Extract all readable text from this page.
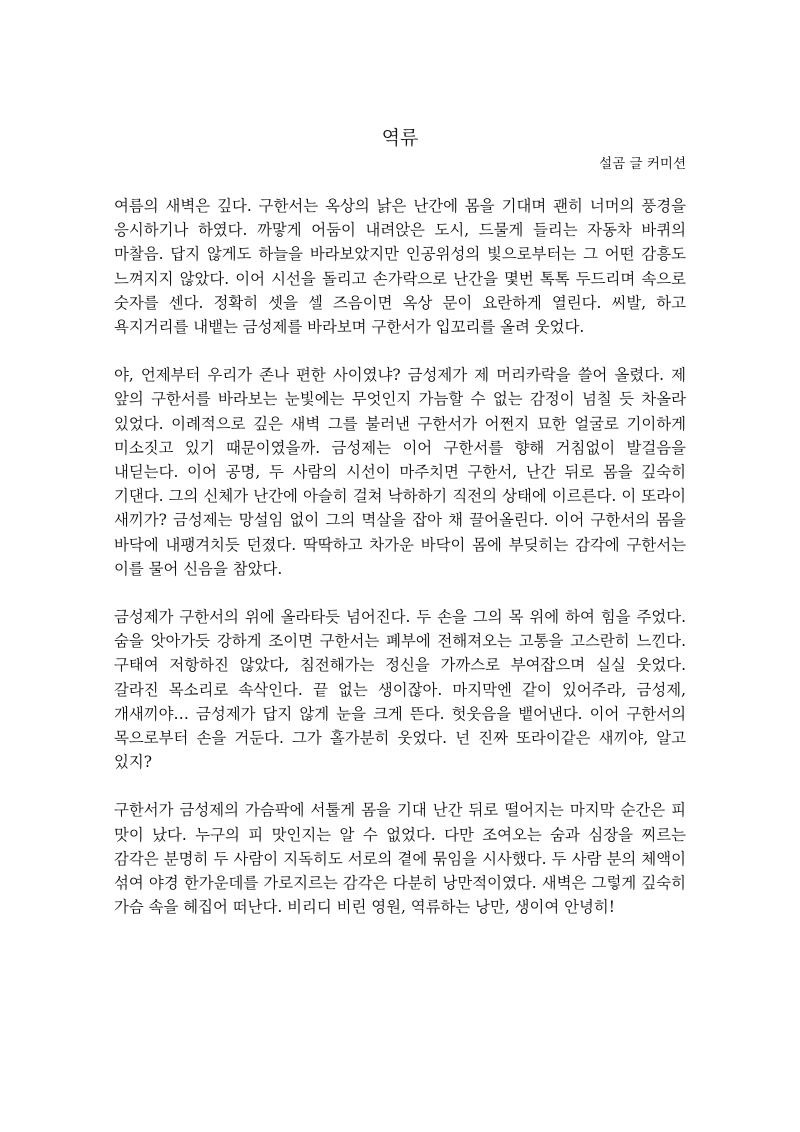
역류
설곰 글 커미션

여름의 새벽은 깊다. 구한서는 옥상의 낡은 난간에 몸을 기대며 괜히 너머의 풍경을 응시하기나 하였다. 까맣게 어둠이 내려앉은 도시, 드물게 들리는 자동차 바퀴의 마찰음. 답지 않게도 하늘을 바라보았지만 인공위성의 빛으로부터는 그 어떤 감흥도 느껴지지 않았다. 이어 시선을 돌리고 손가락으로 난간을 몇번 톡톡 두드리며 속으로 숫자를 센다. 정확히 셋을 셀 즈음이면 옥상 문이 요란하게 열린다. 씨발, 하고 욕지거리를 내뱉는 금성제를 바라보며 구한서가 입꼬리를 올려 웃었다.

야, 언제부터 우리가 존나 편한 사이였냐? 금성제가 제 머리카락을 쓸어 올렸다. 제 앞의 구한서를 바라보는 눈빛에는 무엇인지 가늠할 수 없는 감정이 넘칠 듯 차올라 있었다. 이례적으로 깊은 새벽 그를 불러낸 구한서가 어쩐지 묘한 얼굴로 기이하게 미소짓고 있기 때문이였을까. 금성제는 이어 구한서를 향해 거침없이 발걸음을 내딛는다. 이어 공명, 두 사람의 시선이 마주치면 구한서, 난간 뒤로 몸을 깊숙히 기댄다. 그의 신체가 난간에 아슬히 걸쳐 낙하하기 직전의 상태에 이르른다. 이 또라이 새끼가? 금성제는 망설임 없이 그의 멱살을 잡아 채 끌어올린다. 이어 구한서의 몸을 바닥에 내팽겨치듯 던졌다. 딱딱하고 차가운 바닥이 몸에 부딪히는 감각에 구한서는 이를 물어 신음을 참았다.

금성제가 구한서의 위에 올라타듯 넘어진다. 두 손을 그의 목 위에 하여 힘을 주었다. 숨을 앗아가듯 강하게 조이면 구한서는 폐부에 전해져오는 고통을 고스란히 느낀다. 구태여 저항하진 않았다, 침전해가는 정신을 가까스로 부여잡으며 실실 웃었다. 갈라진 목소리로 속삭인다. 끝 없는 생이잖아. 마지막엔 같이 있어주라, 금성제, 개새끼야… 금성제가 답지 않게 눈을 크게 뜬다. 헛웃음을 뱉어낸다. 이어 구한서의 목으로부터 손을 거둔다. 그가 홀가분히 웃었다. 넌 진짜 또라이같은 새끼야, 알고 있지?

구한서가 금성제의 가슴팍에 서툴게 몸을 기대 난간 뒤로 떨어지는 마지막 순간은 피 맛이 났다. 누구의 피 맛인지는 알 수 없었다. 다만 조여오는 숨과 심장을 찌르는 감각은 분명히 두 사람이 지독히도 서로의 곁에 묶임을 시사했다. 두 사람 분의 체액이 섞여 야경 한가운데를 가로지르는 감각은 다분히 낭만적이였다. 새벽은 그렇게 깊숙히 가슴 속을 헤집어 떠난다. 비리디 비린 영원, 역류하는 낭만, 생이여 안녕히!
